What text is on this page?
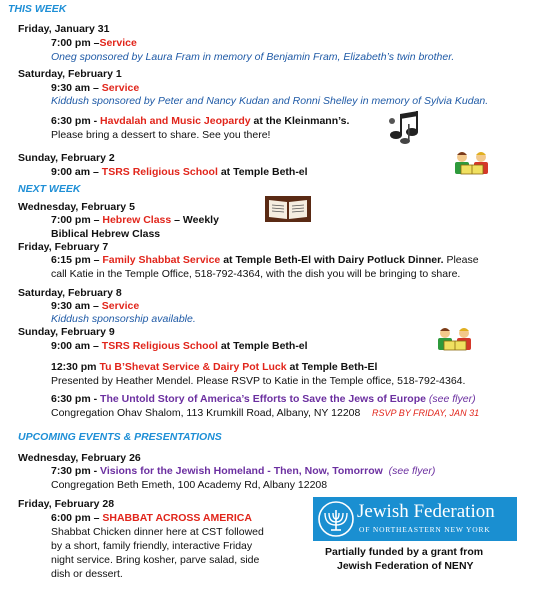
THIS WEEK
Friday, January 31
7:00 pm –Service
Oneg sponsored by Laura Fram in memory of Benjamin Fram, Elizabeth’s twin brother.
Saturday, February 1
9:30 am – Service
Kiddush sponsored by Peter and Nancy Kudan and Ronni Shelley in memory of Sylvia Kudan.
6:30 pm - Havdalah and Music Jeopardy at the Kleinmann’s.
Please bring a dessert to share. See you there!
Sunday, February 2
9:00 am – TSRS Religious School at Temple Beth-el
NEXT WEEK
Wednesday, February 5
7:00 pm – Hebrew Class – Weekly
Biblical Hebrew Class
Friday, February 7
6:15 pm – Family Shabbat Service at Temple Beth-El with Dairy Potluck Dinner. Please
call Katie in the Temple Office, 518-792-4364, with the dish you will be bringing to share.
Saturday, February 8
9:30 am – Service
Kiddush sponsorship available.
Sunday, February 9
9:00 am – TSRS Religious School at Temple Beth-el
12:30 pm Tu B’Shevat Service & Dairy Pot Luck at Temple Beth-El
Presented by Heather Mendel. Please RSVP to Katie in the Temple office, 518-792-4364.
6:30 pm - The Untold Story of America’s Efforts to Save the Jews of Europe (see flyer)
Congregation Ohav Shalom, 113 Krumkill Road, Albany, NY 12208 RSVP BY FRIDAY, JAN 31
UPCOMING EVENTS & PRESENTATIONS
Wednesday, February 26
7:30 pm - Visions for the Jewish Homeland - Then, Now, Tomorrow (see flyer)
Congregation Beth Emeth, 100 Academy Rd, Albany 12208
Friday, February 28
6:00 pm – SHABBAT ACROSS AMERICA
Shabbat Chicken dinner here at CST followed
by a short, family friendly, interactive Friday
night service. Bring kosher, parve salad, side
dish or dessert.
Jewish Federation
OF NORTHEASTERN NEW YORK
Partially funded by a grant from
Jewish Federation of NENY
